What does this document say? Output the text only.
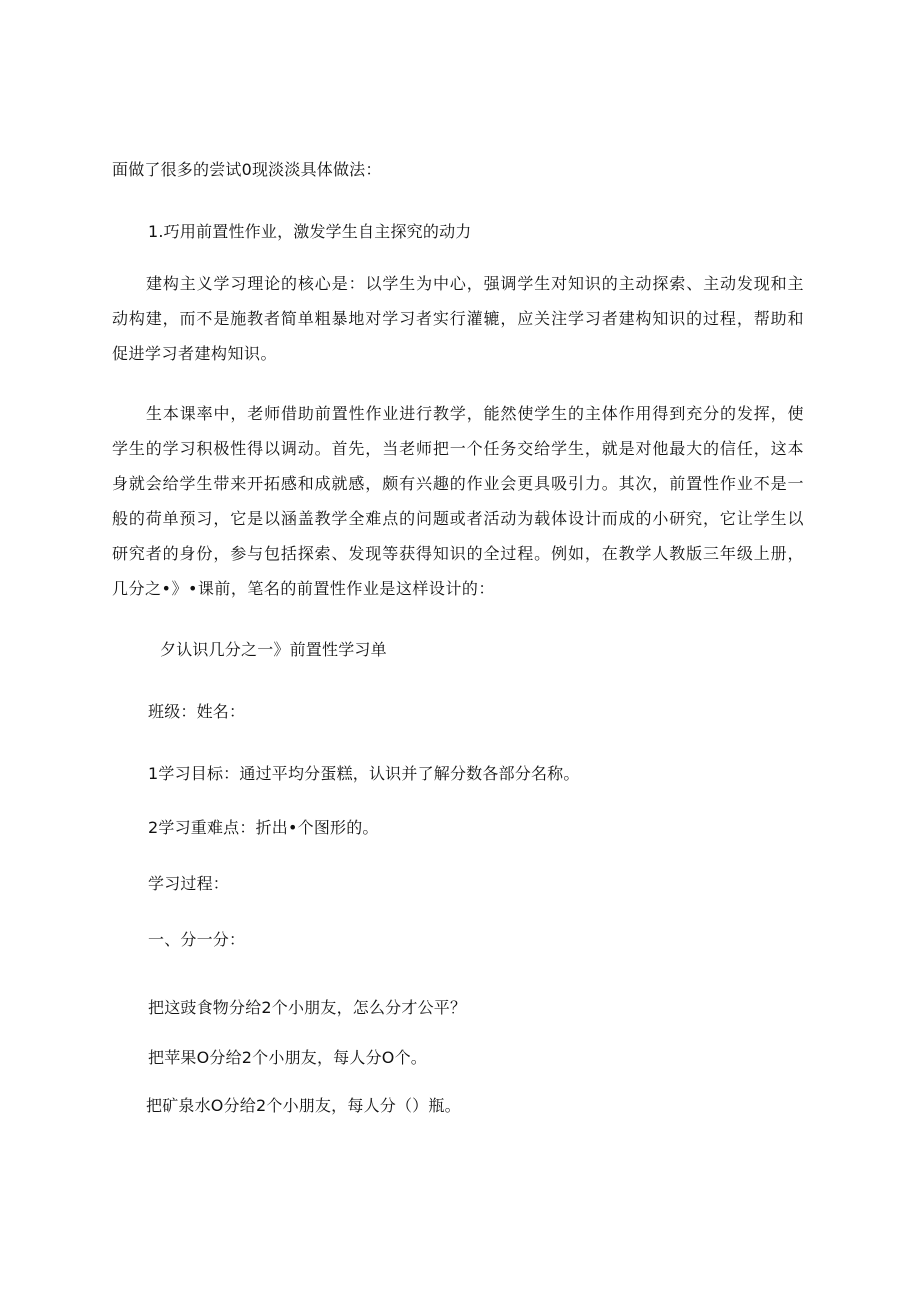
面做了很多的尝试0现淡淡具体做法：
1.巧用前置性作业，激发学生自主探究的动力
建构主义学习理论的核心是：以学生为中心，强调学生对知识的主动探索、主动发现和主动构建，而不是施教者简单粗暴地对学习者实行灌辘，应关注学习者建构知识的过程，帮助和促进学习者建构知识。
生本课率中，老师借助前置性作业进行教学，能然使学生的主体作用得到充分的发挥，使学生的学习积极性得以调动。首先，当老师把一个任务交给学生，就是对他最大的信任，这本身就会给学生带来开拓感和成就感，颇有兴趣的作业会更具吸引力。其次，前置性作业不是一般的荷单预习，它是以涵盖教学全难点的问题或者活动为载体设计而成的小研究，它让学生以研究者的身份，参与包括探索、发现等获得知识的全过程。例如，在教学人教版三年级上册，几分之•》•课前，笔名的前置性作业是这样设计的：
夕认识几分之一》前置性学习单
班级：姓名：
1学习目标：通过平均分蛋糕，认识并了解分数各部分名称。
2学习重难点：折出•个图形的。
学习过程：
一、分一分：
把这豉食物分给2个小朋友，怎么分才公平？
把苹果O分给2个小朋友，每人分O个。
把矿泉水O分给2个小朋友，每人分（）瓶。
